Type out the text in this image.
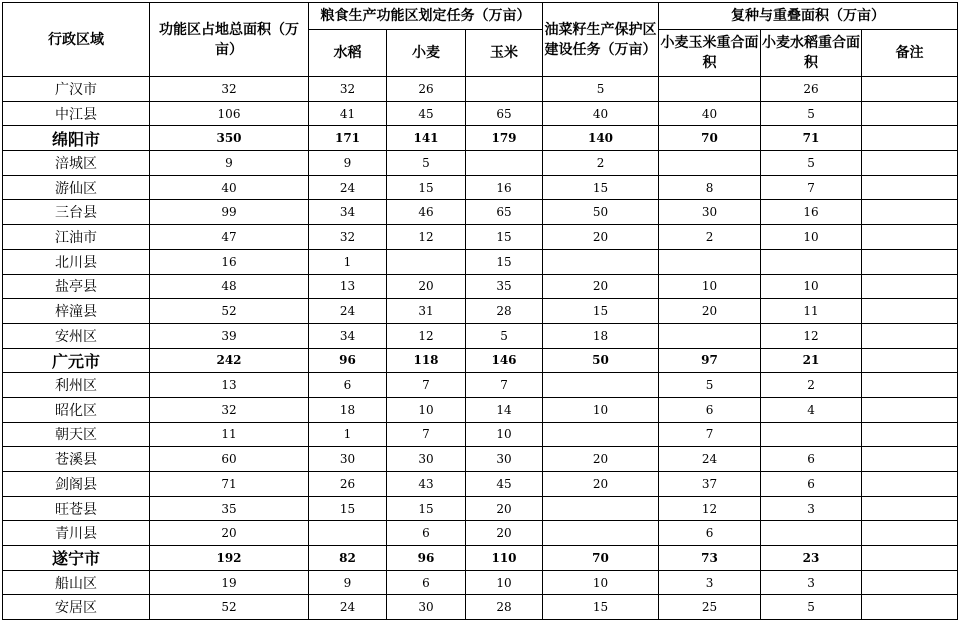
行政区域	功能区占地总面积（万亩）	粮食生产功能区划定任务（万亩）			油菜籽生产保护区建设任务（万亩）	复种与重叠面积（万亩）		
		水稻	小麦	玉米		小麦玉米重合面积	小麦水稻重合面积	备注
广汉市	32	32	26		5		26	
中江县	106	41	45	65	40	40	5	
绵阳市	350	171	141	179	140	70	71	
涪城区	9	9	5		2		5	
游仙区	40	24	15	16	15	8	7	
三台县	99	34	46	65	50	30	16	
江油市	47	32	12	15	20	2	10	
北川县	16	1		15				
盐亭县	48	13	20	35	20	10	10	
梓潼县	52	24	31	28	15	20	11	
安州区	39	34	12	5	18		12	
广元市	242	96	118	146	50	97	21	
利州区	13	6	7	7		5	2	
昭化区	32	18	10	14	10	6	4	
朝天区	11	1	7	10		7		
苍溪县	60	30	30	30	20	24	6	
剑阁县	71	26	43	45	20	37	6	
旺苍县	35	15	15	20		12	3	
青川县	20		6	20		6		
遂宁市	192	82	96	110	70	73	23	
船山区	19	9	6	10	10	3	3	
安居区	52	24	30	28	15	25	5	
